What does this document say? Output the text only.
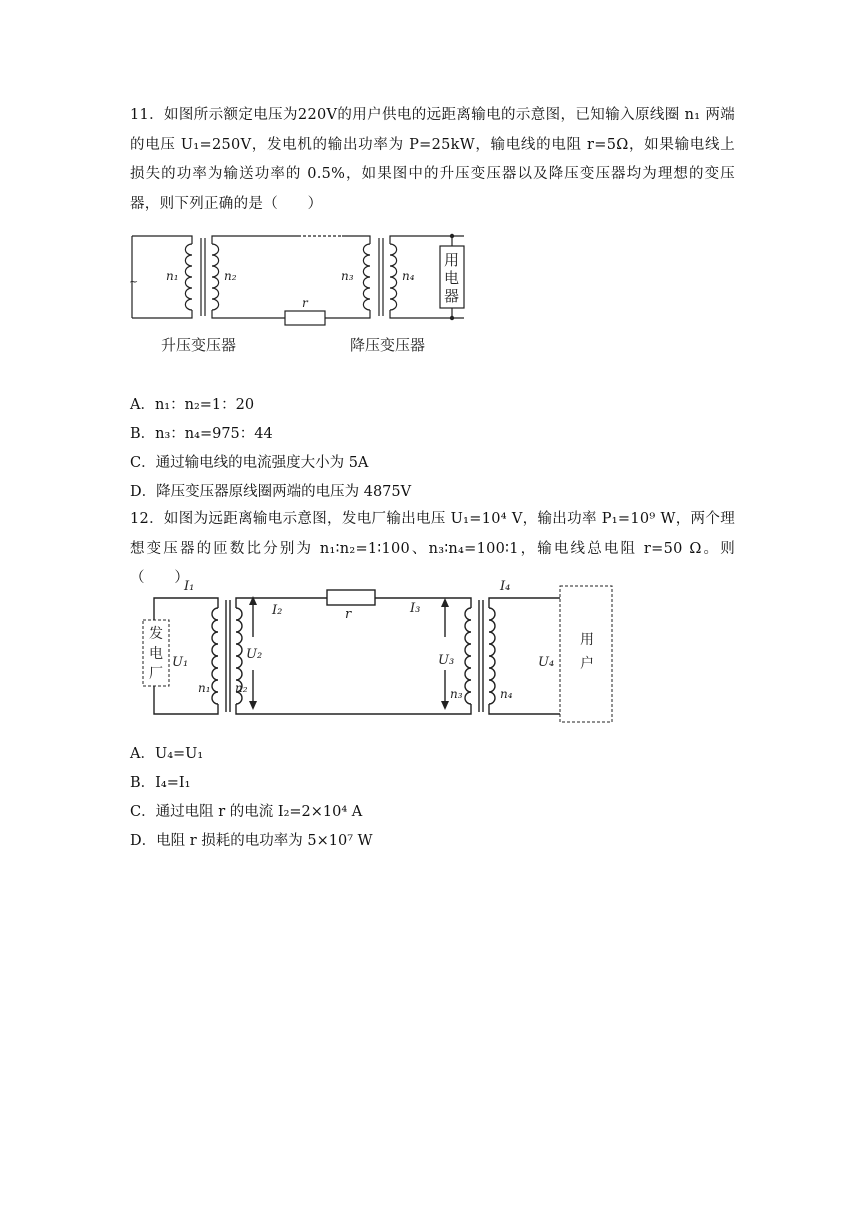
11．如图所示额定电压为220V的用户供电的远距离输电的示意图，已知输入原线圈 n₁ 两端的电压 U₁=250V，发电机的输出功率为 P=25kW，输电线的电阻 r=5Ω，如果输电线上损失的功率为输送功率的 0.5%，如果图中的升压变压器以及降压变压器均为理想的变压器，则下列正确的是（　　）

n₁	n₂	n₃	n₄
r
~
用
电
器
升压变压器	降压变压器

A．n₁：n₂=1：20

B．n₃：n₄=975：44

C．通过输电线的电流强度大小为 5A

D．降压变压器原线圈两端的电压为 4875V

12．如图为远距离输电示意图，发电厂输出电压 U₁=10⁴ V，输出功率 P₁=10⁹ W，两个理想变压器的匝数比分别为 n₁∶n₂=1∶100、n₃∶n₄=100∶1，输电线总电阻 r=50 Ω。则（　　）

I₁
I₂	I₃
I₄
U₁
U₂	U₃	U₄
n₁ n₂	n₃	n₄
r
发
电
厂
用
户

A．U₄=U₁

B．I₄=I₁

C．通过电阻 r 的电流 I₂=2×10⁴ A

D．电阻 r 损耗的电功率为 5×10⁷ W
